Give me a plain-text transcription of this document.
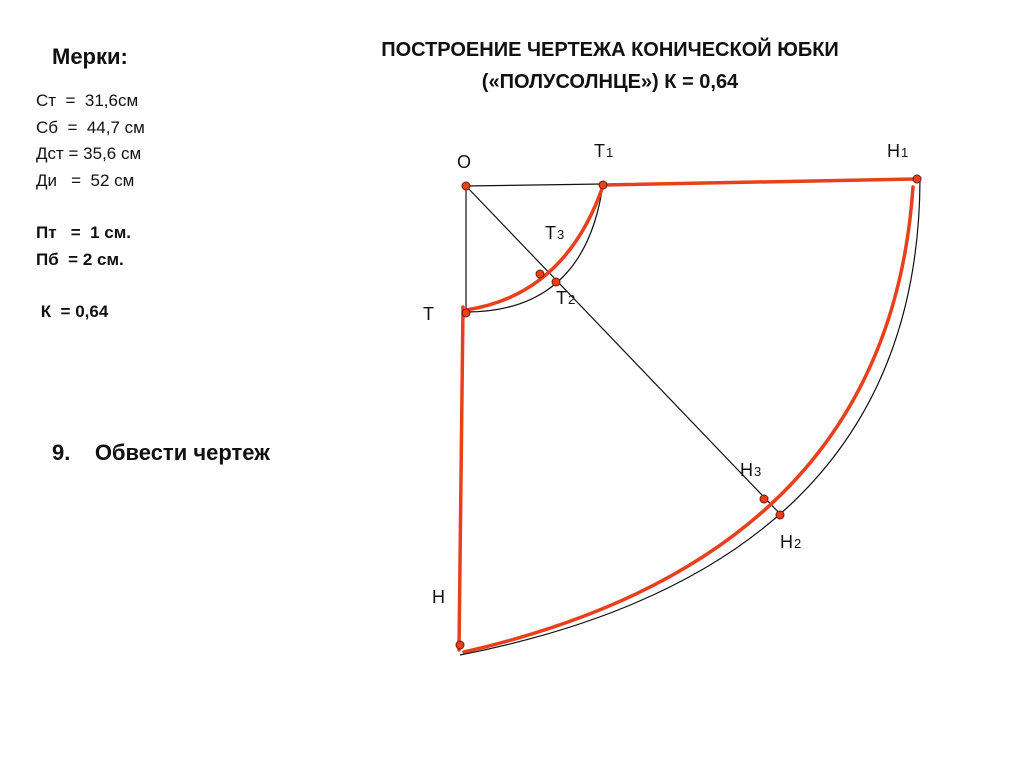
ПОСТРОЕНИЕ ЧЕРТЕЖА КОНИЧЕСКОЙ ЮБКИ
(«ПОЛУСОЛНЦЕ») К = 0,64
Мерки:
Ст  =  31,6см
Сб  =  44,7 см
Дст = 35,6 см
Ди   =  52 см
Пт   =  1 см.
Пб  = 2 см.
К  = 0,64
9. Обвести чертеж
О
Т1	Н1
Т3
Т2
Т
Н3
Н2
Н
